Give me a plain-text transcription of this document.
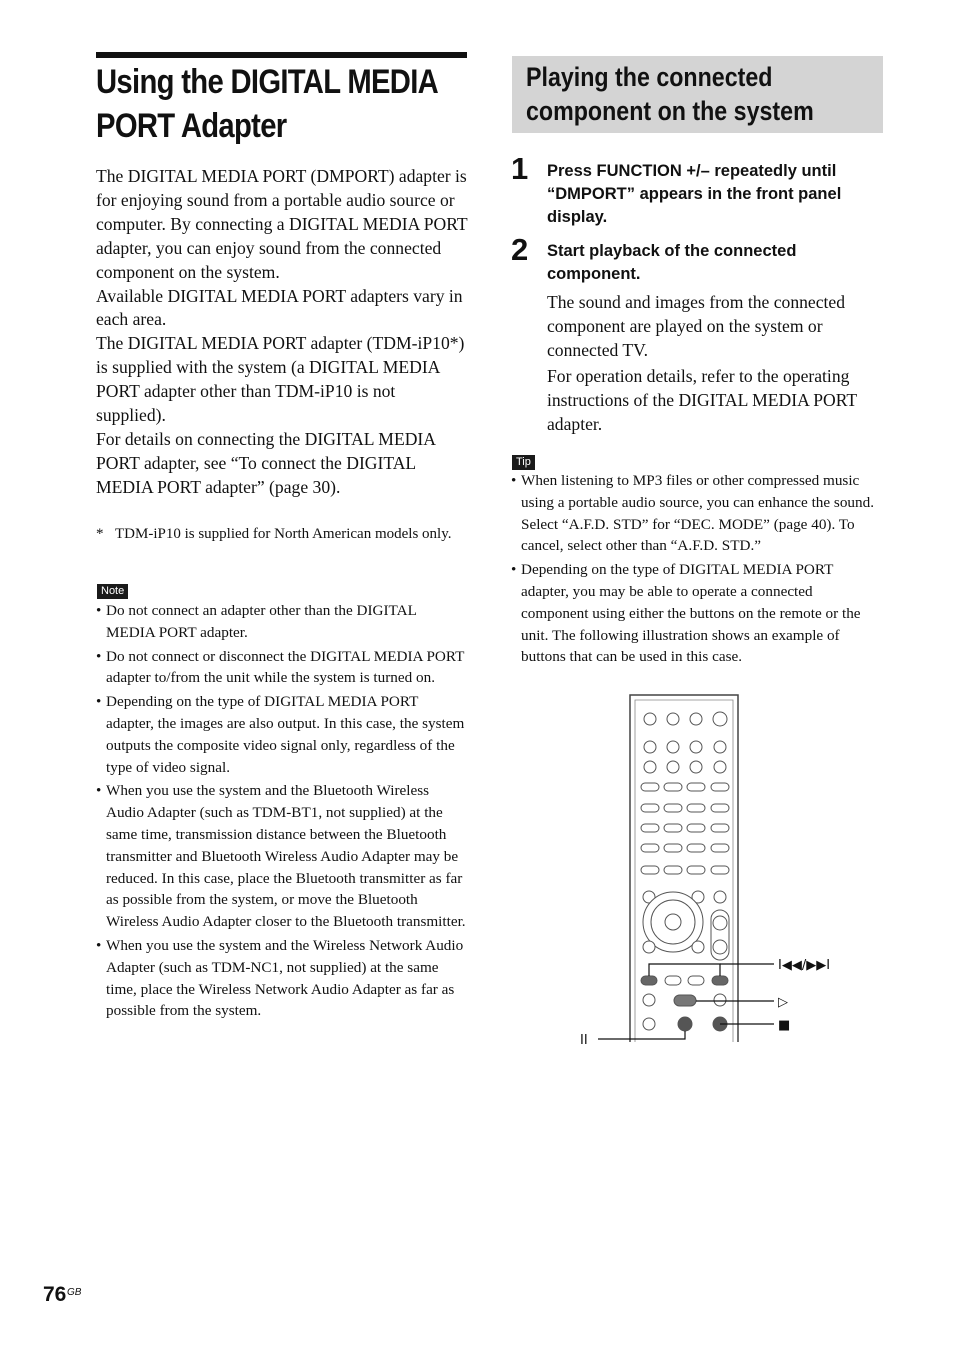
Using the DIGITAL MEDIA
PORT Adapter

The DIGITAL MEDIA PORT (DMPORT) adapter is for enjoying sound from a portable audio source or computer. By connecting a DIGITAL MEDIA PORT adapter, you can enjoy sound from the connected component on the system.

Available DIGITAL MEDIA PORT adapters vary in each area.

The DIGITAL MEDIA PORT adapter (TDM-iP10*) is supplied with the system (a DIGITAL MEDIA PORT adapter other than TDM-iP10 is not supplied).

For details on connecting the DIGITAL MEDIA PORT adapter, see “To connect the DIGITAL MEDIA PORT adapter” (page 30).

* TDM-iP10 is supplied for North American models only.
Note
• Do not connect an adapter other than the DIGITAL MEDIA PORT adapter.
• Do not connect or disconnect the DIGITAL MEDIA PORT adapter to/from the unit while the system is turned on.
• Depending on the type of DIGITAL MEDIA PORT adapter, the images are also output. In this case, the system outputs the composite video signal only, regardless of the type of video signal.
• When you use the system and the Bluetooth Wireless Audio Adapter (such as TDM-BT1, not supplied) at the same time, transmission distance between the Bluetooth transmitter and Bluetooth Wireless Audio Adapter may be reduced. In this case, place the Bluetooth transmitter as far as possible from the system, or move the Bluetooth Wireless Audio Adapter closer to the Bluetooth transmitter.
• When you use the system and the Wireless Network Audio Adapter (such as TDM-NC1, not supplied) at the same time, place the Wireless Network Audio Adapter as far as possible from the system.
Playing the connected
component on the system
1 Press FUNCTION +/– repeatedly until “DMPORT” appears in the front panel display.
2 Start playback of the connected component.

The sound and images from the connected component are played on the system or connected TV.

For operation details, refer to the operating instructions of the DIGITAL MEDIA PORT adapter.

Tip
• When listening to MP3 files or other compressed music using a portable audio source, you can enhance the sound. Select “A.F.D. STD” for “DEC. MODE” (page 40). To cancel, select other than “A.F.D. STD.”
• Depending on the type of DIGITAL MEDIA PORT adapter, you may be able to operate a connected component using either the buttons on the remote or the unit. The following illustration shows an example of buttons that can be used in this case.
I◀◀/▶▶I
▷
■
II
76 GB
